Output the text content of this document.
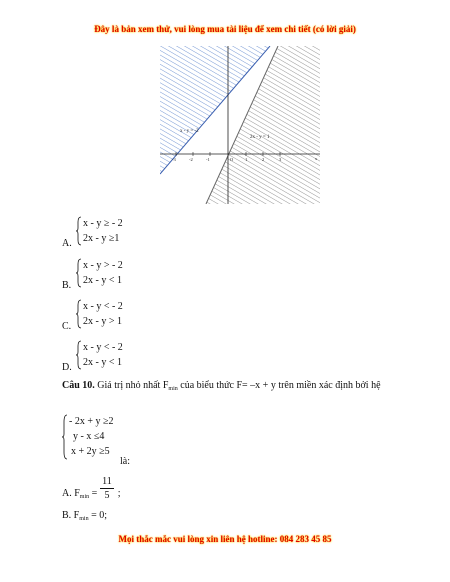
Đây là bản xem thử, vui lòng mua tài liệu để xem chi tiết (có lời giải)
-3	-2	-1	O	1	2	3	x
x - y = -2
2x - y = 1
A.
x - y ≥ - 2
2x - y ≥1
B.
x - y > - 2
2x - y < 1
C.
x - y < - 2
2x - y > 1
D.
x - y < - 2
2x - y < 1
Câu 10. Giá trị nhỏ nhất $F_{min}$ của biểu thức F= –x + y trên miền xác định bởi hệ
- 2x + y ≥2
y - x ≤4
x + 2y ≥5
là:
11
5
A. $F_{min}$ = ;
B. $F_{min} = 0$;
Mọi thắc mắc vui lòng xin liên hệ hotline: 084 283 45 85
